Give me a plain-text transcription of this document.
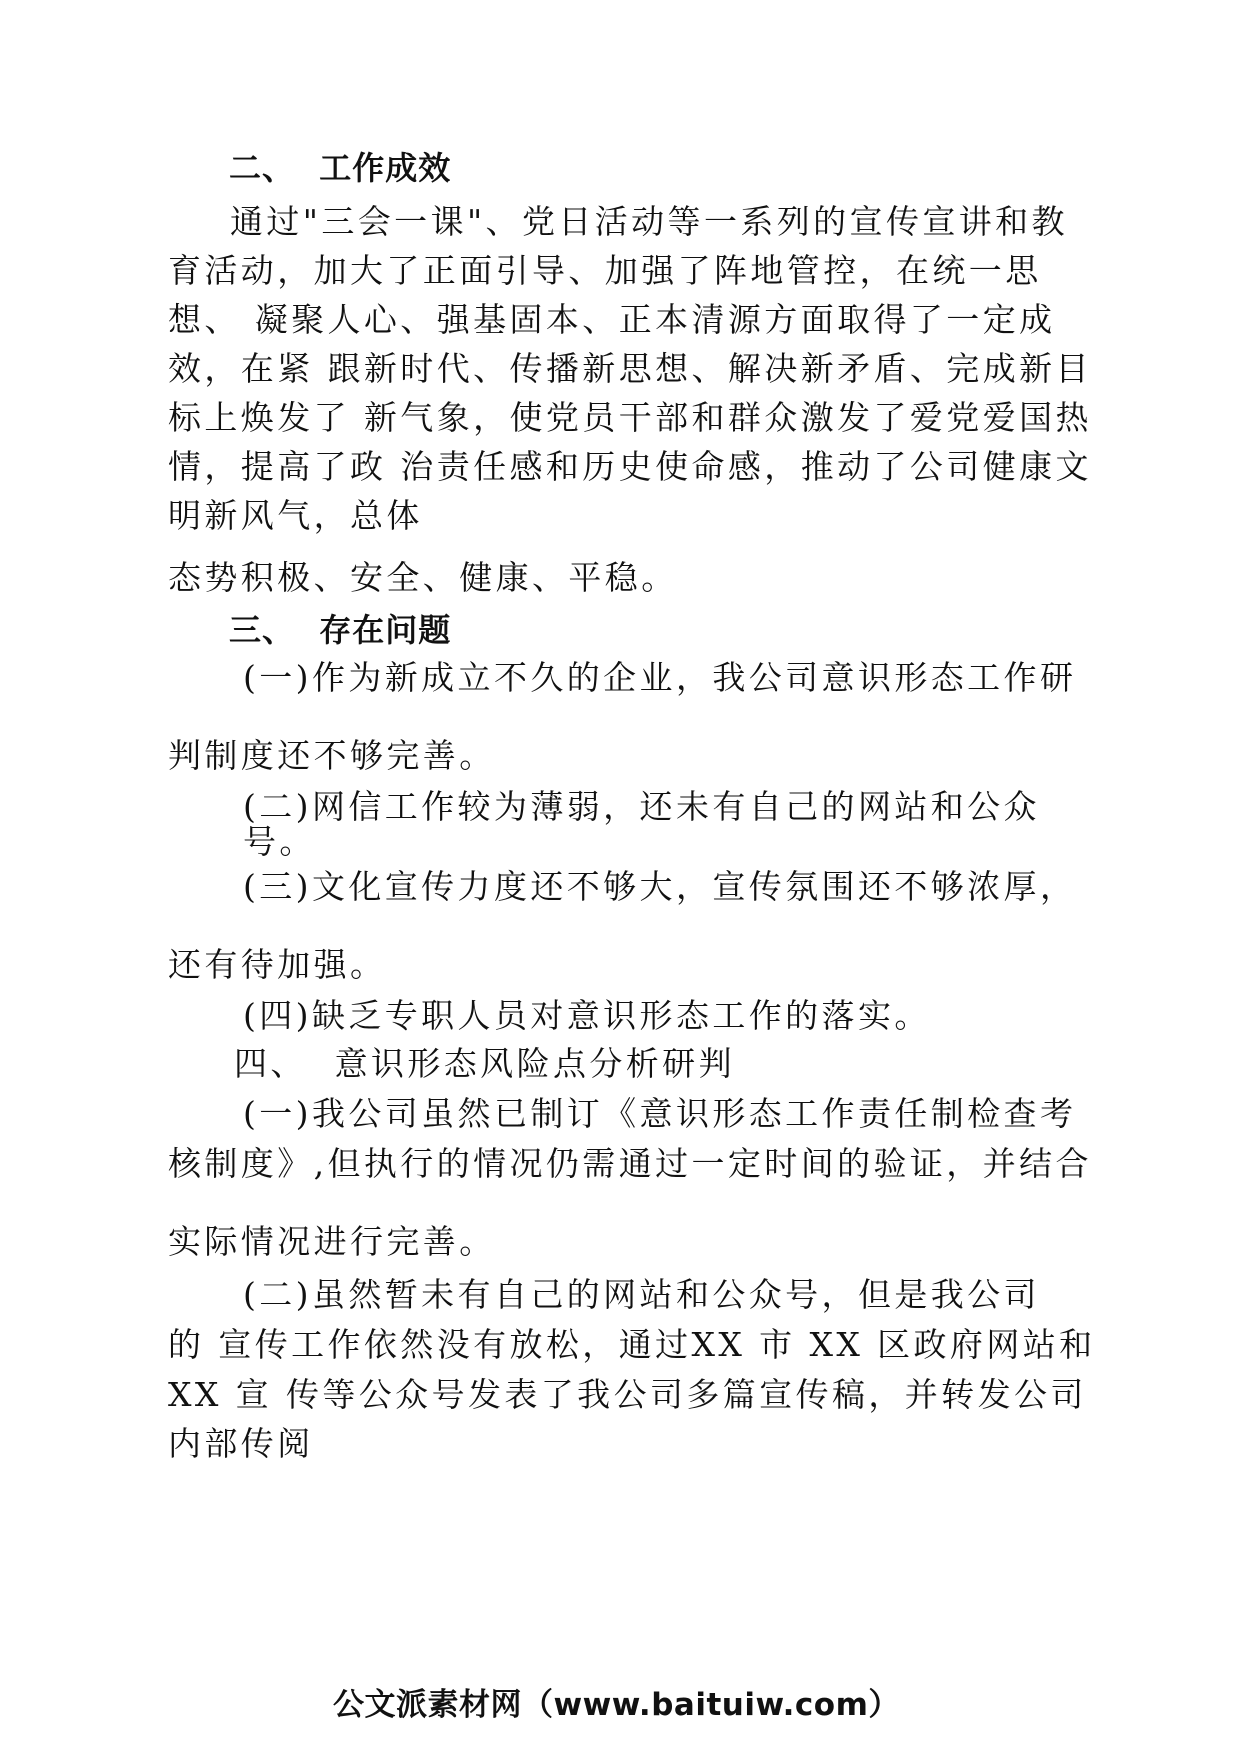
二、  工作成效
通过"三会一课"、党日活动等一系列的宣传宣讲和教
育活动，加大了正面引导、加强了阵地管控，在统一思
想、 凝聚人心、强基固本、正本清源方面取得了一定成
效，在紧 跟新时代、传播新思想、解决新矛盾、完成新目
标上焕发了 新气象，使党员干部和群众激发了爱党爱国热
情，提高了政 治责任感和历史使命感，推动了公司健康文
明新风气，总体
态势积极、安全、健康、平稳。
三、  存在问题
(一)作为新成立不久的企业，我公司意识形态工作研
判制度还不够完善。
(二)网信工作较为薄弱，还未有自己的网站和公众
号。
(三)文化宣传力度还不够大，宣传氛围还不够浓厚，
还有待加强。
(四)缺乏专职人员对意识形态工作的落实。
四、  意识形态风险点分析研判
(一)我公司虽然已制订《意识形态工作责任制检查考
核制度》,但执行的情况仍需通过一定时间的验证，并结合
实际情况进行完善。
(二)虽然暂未有自己的网站和公众号，但是我公司
的 宣传工作依然没有放松，通过XX 市 XX 区政府网站和
XX 宣 传等公众号发表了我公司多篇宣传稿，并转发公司
内部传阅
公文派素材网（www.baituiw.com）
